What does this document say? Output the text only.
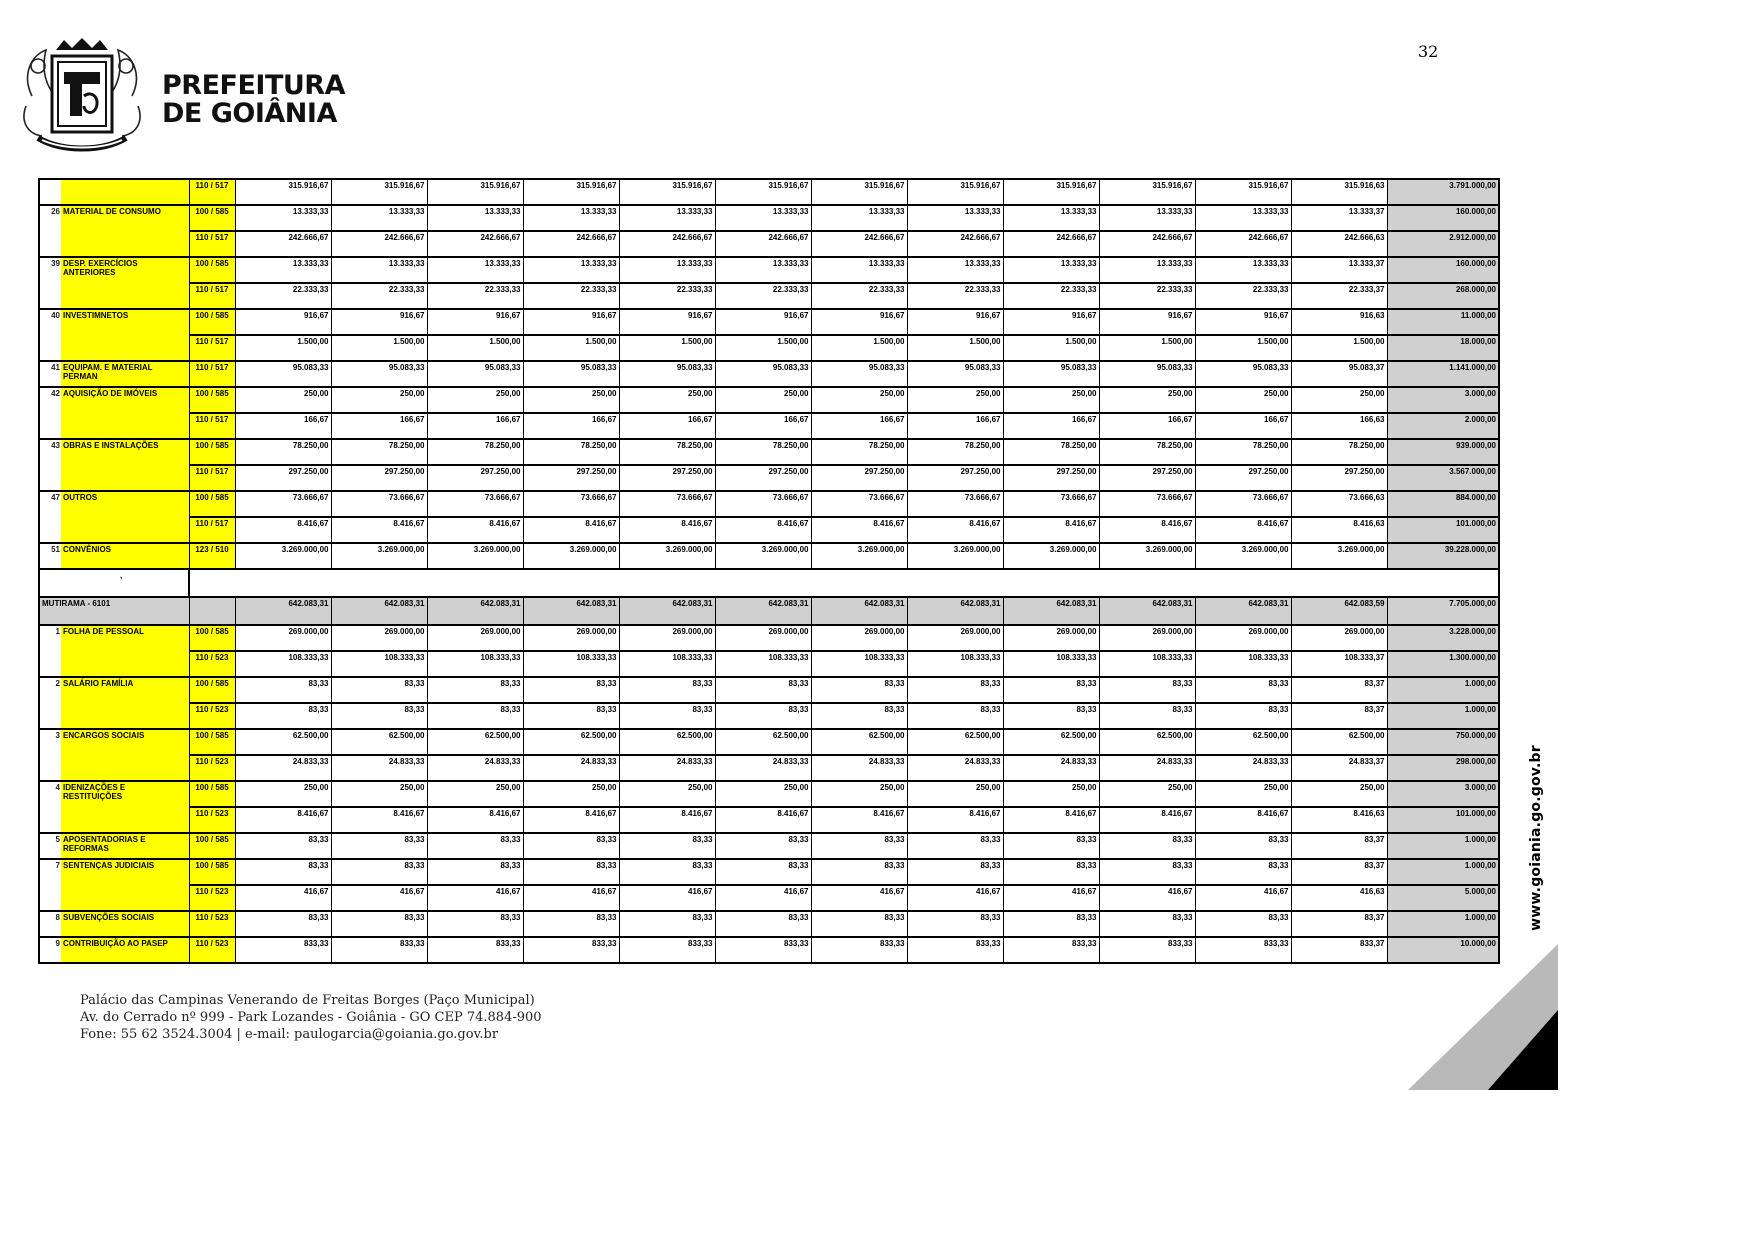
PREFEITURA
DE GOIÂNIA
32
		110 / 517	315.916,67	315.916,67	315.916,67	315.916,67	315.916,67	315.916,67	315.916,67	315.916,67	315.916,67	315.916,67	315.916,67	315.916,63	3.791.000,00
26	MATERIAL DE CONSUMO	100 / 585	13.333,33	13.333,33	13.333,33	13.333,33	13.333,33	13.333,33	13.333,33	13.333,33	13.333,33	13.333,33	13.333,33	13.333,37	160.000,00
		110 / 517	242.666,67	242.666,67	242.666,67	242.666,67	242.666,67	242.666,67	242.666,67	242.666,67	242.666,67	242.666,67	242.666,67	242.666,63	2.912.000,00
39	DESP. EXERCÍCIOS ANTERIORES	100 / 585	13.333,33	13.333,33	13.333,33	13.333,33	13.333,33	13.333,33	13.333,33	13.333,33	13.333,33	13.333,33	13.333,33	13.333,37	160.000,00
		110 / 517	22.333,33	22.333,33	22.333,33	22.333,33	22.333,33	22.333,33	22.333,33	22.333,33	22.333,33	22.333,33	22.333,33	22.333,37	268.000,00
40	INVESTIMNETOS	100 / 585	916,67	916,67	916,67	916,67	916,67	916,67	916,67	916,67	916,67	916,67	916,67	916,63	11.000,00
		110 / 517	1.500,00	1.500,00	1.500,00	1.500,00	1.500,00	1.500,00	1.500,00	1.500,00	1.500,00	1.500,00	1.500,00	1.500,00	18.000,00
41	EQUIPAM. E MATERIAL PERMAN	110 / 517	95.083,33	95.083,33	95.083,33	95.083,33	95.083,33	95.083,33	95.083,33	95.083,33	95.083,33	95.083,33	95.083,33	95.083,37	1.141.000,00
42	AQUISIÇÃO DE IMÓVEIS	100 / 585	250,00	250,00	250,00	250,00	250,00	250,00	250,00	250,00	250,00	250,00	250,00	250,00	3.000,00
		110 / 517	166,67	166,67	166,67	166,67	166,67	166,67	166,67	166,67	166,67	166,67	166,67	166,63	2.000,00
43	OBRAS E INSTALAÇÕES	100 / 585	78.250,00	78.250,00	78.250,00	78.250,00	78.250,00	78.250,00	78.250,00	78.250,00	78.250,00	78.250,00	78.250,00	78.250,00	939.000,00
		110 / 517	297.250,00	297.250,00	297.250,00	297.250,00	297.250,00	297.250,00	297.250,00	297.250,00	297.250,00	297.250,00	297.250,00	297.250,00	3.567.000,00
47	OUTROS	100 / 585	73.666,67	73.666,67	73.666,67	73.666,67	73.666,67	73.666,67	73.666,67	73.666,67	73.666,67	73.666,67	73.666,67	73.666,63	884.000,00
		110 / 517	8.416,67	8.416,67	8.416,67	8.416,67	8.416,67	8.416,67	8.416,67	8.416,67	8.416,67	8.416,67	8.416,67	8.416,63	101.000,00
51	CONVÊNIOS	123 / 510	3.269.000,00	3.269.000,00	3.269.000,00	3.269.000,00	3.269.000,00	3.269.000,00	3.269.000,00	3.269.000,00	3.269.000,00	3.269.000,00	3.269.000,00	3.269.000,00	39.228.000,00
,															
MUTIRAMA - 6101			642.083,31	642.083,31	642.083,31	642.083,31	642.083,31	642.083,31	642.083,31	642.083,31	642.083,31	642.083,31	642.083,31	642.083,59	7.705.000,00
1	FOLHA DE PESSOAL	100 / 585	269.000,00	269.000,00	269.000,00	269.000,00	269.000,00	269.000,00	269.000,00	269.000,00	269.000,00	269.000,00	269.000,00	269.000,00	3.228.000,00
		110 / 523	108.333,33	108.333,33	108.333,33	108.333,33	108.333,33	108.333,33	108.333,33	108.333,33	108.333,33	108.333,33	108.333,33	108.333,37	1.300.000,00
2	SALÁRIO FAMÍLIA	100 / 585	83,33	83,33	83,33	83,33	83,33	83,33	83,33	83,33	83,33	83,33	83,33	83,37	1.000,00
		110 / 523	83,33	83,33	83,33	83,33	83,33	83,33	83,33	83,33	83,33	83,33	83,33	83,37	1.000,00
3	ENCARGOS SOCIAIS	100 / 585	62.500,00	62.500,00	62.500,00	62.500,00	62.500,00	62.500,00	62.500,00	62.500,00	62.500,00	62.500,00	62.500,00	62.500,00	750.000,00
		110 / 523	24.833,33	24.833,33	24.833,33	24.833,33	24.833,33	24.833,33	24.833,33	24.833,33	24.833,33	24.833,33	24.833,33	24.833,37	298.000,00
4	IDENIZAÇÕES E RESTITUIÇÕES	100 / 585	250,00	250,00	250,00	250,00	250,00	250,00	250,00	250,00	250,00	250,00	250,00	250,00	3.000,00
		110 / 523	8.416,67	8.416,67	8.416,67	8.416,67	8.416,67	8.416,67	8.416,67	8.416,67	8.416,67	8.416,67	8.416,67	8.416,63	101.000,00
5	APOSENTADORIAS E REFORMAS	100 / 585	83,33	83,33	83,33	83,33	83,33	83,33	83,33	83,33	83,33	83,33	83,33	83,37	1.000,00
7	SENTENÇAS JUDICIAIS	100 / 585	83,33	83,33	83,33	83,33	83,33	83,33	83,33	83,33	83,33	83,33	83,33	83,37	1.000,00
		110 / 523	416,67	416,67	416,67	416,67	416,67	416,67	416,67	416,67	416,67	416,67	416,67	416,63	5.000,00
8	SUBVENÇÕES SOCIAIS	110 / 523	83,33	83,33	83,33	83,33	83,33	83,33	83,33	83,33	83,33	83,33	83,33	83,37	1.000,00
9	CONTRIBUIÇÃO AO PASEP	110 / 523	833,33	833,33	833,33	833,33	833,33	833,33	833,33	833,33	833,33	833,33	833,33	833,37	10.000,00
www.goiania.go.gov.br
Palácio das Campinas Venerando de Freitas Borges (Paço Municipal)
Av. do Cerrado nº 999 - Park Lozandes - Goiânia - GO CEP 74.884-900
Fone: 55 62 3524.3004 | e-mail: paulogarcia@goiania.go.gov.br
